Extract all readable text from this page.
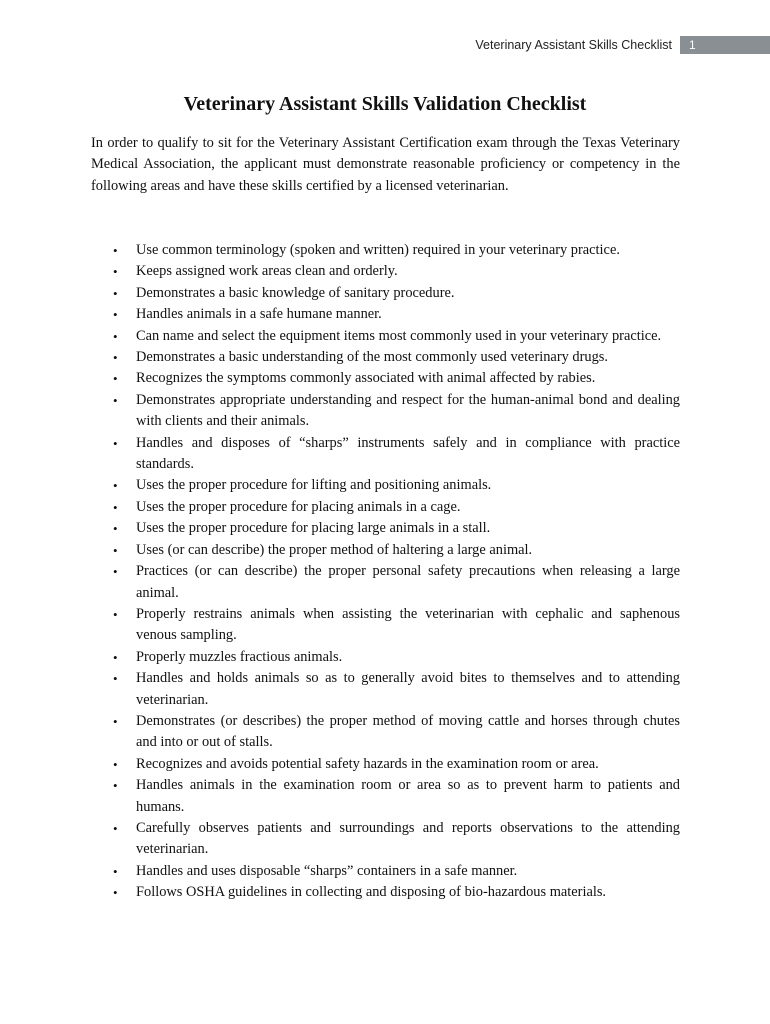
Veterinary Assistant Skills Checklist	1
Veterinary Assistant Skills Validation Checklist

In order to qualify to sit for the Veterinary Assistant Certification exam through the Texas Veterinary Medical Association, the applicant must demonstrate reasonable proficiency or competency in the following areas and have these skills certified by a licensed veterinarian.

• Use common terminology (spoken and written) required in your veterinary practice.
• Keeps assigned work areas clean and orderly.
• Demonstrates a basic knowledge of sanitary procedure.
• Handles animals in a safe humane manner.
• Can name and select the equipment items most commonly used in your veterinary practice.
• Demonstrates a basic understanding of the most commonly used veterinary drugs.
• Recognizes the symptoms commonly associated with animal affected by rabies.
• Demonstrates appropriate understanding and respect for the human-animal bond and dealing with clients and their animals.
• Handles and disposes of “sharps” instruments safely and in compliance with practice standards.
• Uses the proper procedure for lifting and positioning animals.
• Uses the proper procedure for placing animals in a cage.
• Uses the proper procedure for placing large animals in a stall.
• Uses (or can describe) the proper method of haltering a large animal.
• Practices (or can describe) the proper personal safety precautions when releasing a large animal.
• Properly restrains animals when assisting the veterinarian with cephalic and saphenous venous sampling.
• Properly muzzles fractious animals.
• Handles and holds animals so as to generally avoid bites to themselves and to attending veterinarian.
• Demonstrates (or describes) the proper method of moving cattle and horses through chutes and into or out of stalls.
• Recognizes and avoids potential safety hazards in the examination room or area.
• Handles animals in the examination room or area so as to prevent harm to patients and humans.
• Carefully observes patients and surroundings and reports observations to the attending veterinarian.
• Handles and uses disposable “sharps” containers in a safe manner.
• Follows OSHA guidelines in collecting and disposing of bio-hazardous materials.
